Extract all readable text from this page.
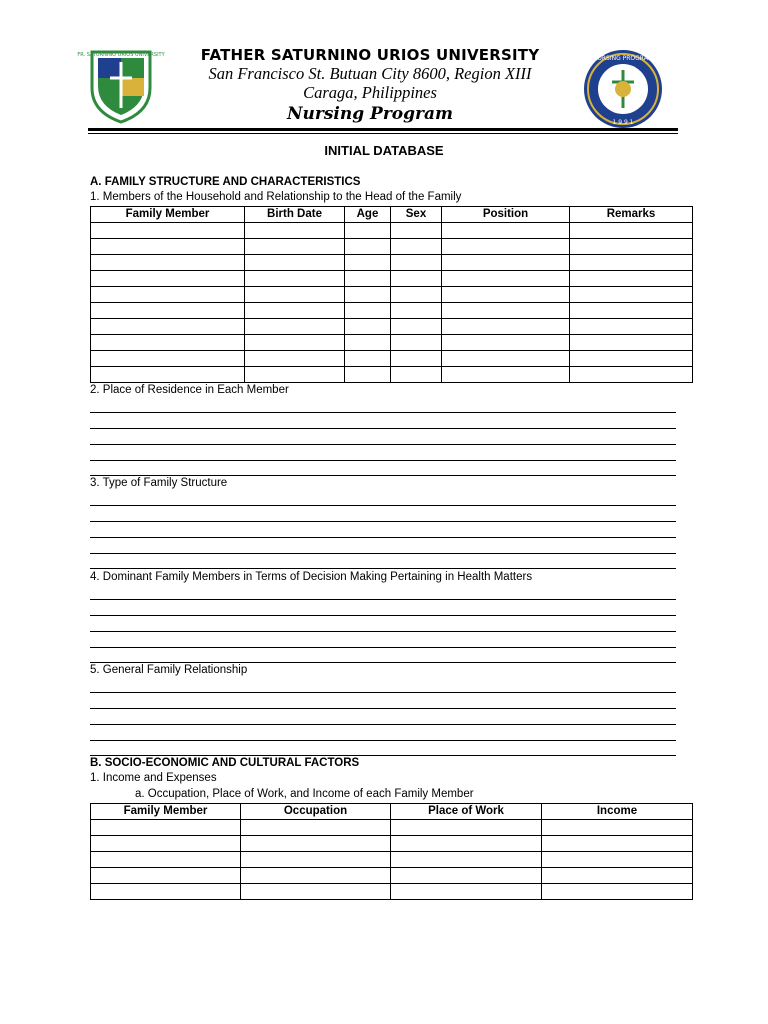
FR. SATURNINO URIOS UNIVERSITY	FATHER SATURNINO URIOS UNIVERSITY
San Francisco St. Butuan City 8600, Region XIII
Caraga, Philippines
Nursing Program
NURSING PROGRAM
1 9 9 1
INITIAL DATABASE
A. FAMILY STRUCTURE AND CHARACTERISTICS
1. Members of the Household and Relationship to the Head of the Family
Family Member	Birth Date	Age	Sex	Position	Remarks

2. Place of Residence in Each Member
3. Type of Family Structure
4. Dominant Family Members in Terms of Decision Making Pertaining in Health Matters
5. General Family Relationship
B. SOCIO-ECONOMIC AND CULTURAL FACTORS
1. Income and Expenses
a. Occupation, Place of Work, and Income of each Family Member
Family Member	Occupation	Place of Work	Income
